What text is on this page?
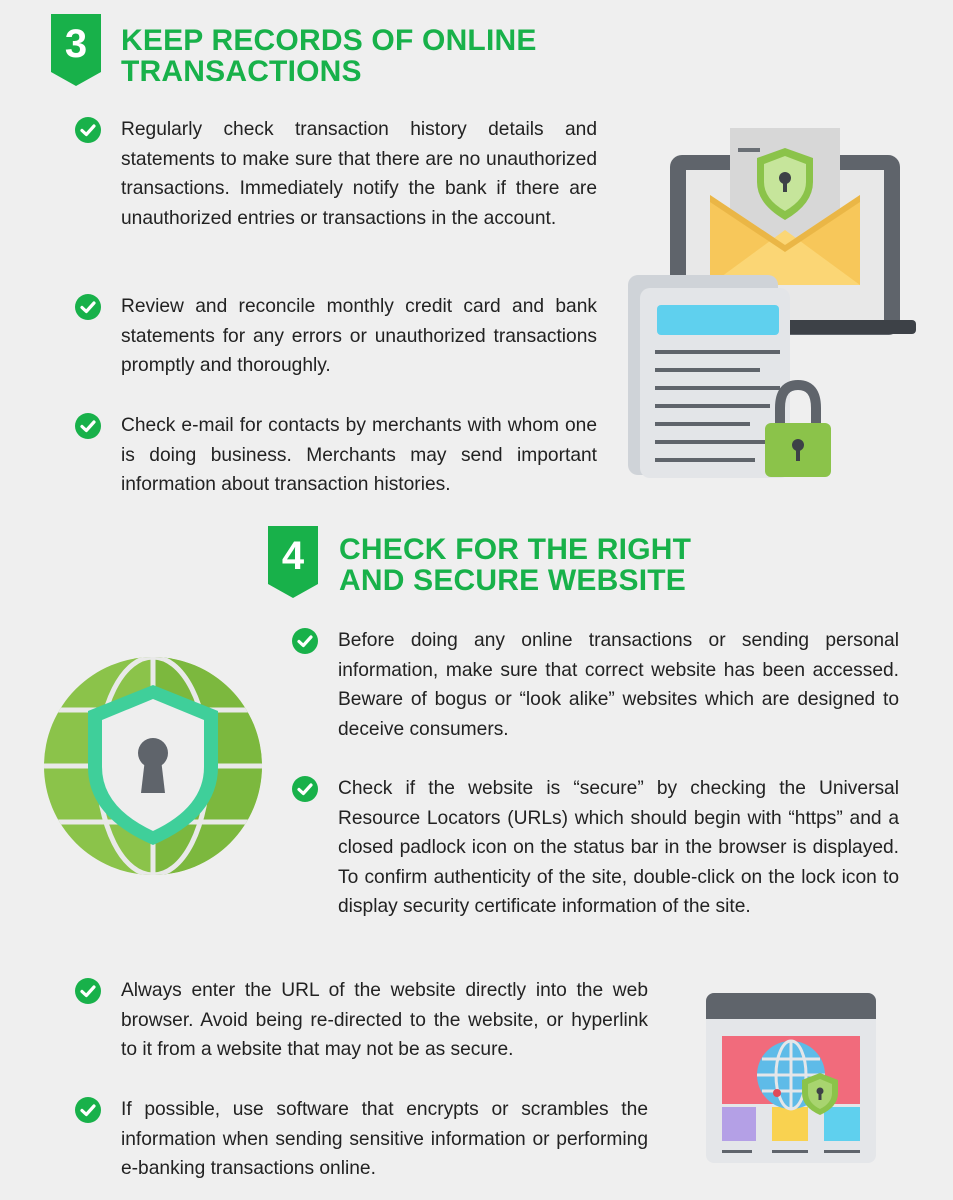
3	KEEP RECORDS OF ONLINE
TRANSACTIONS
Regularly check transaction history details and statements to make sure that there are no unauthorized transactions. Immediately notify the bank if there are unauthorized entries or transactions in the account.
Review and reconcile monthly credit card and bank statements for any errors or unauthorized transactions promptly and thoroughly.
Check e-mail for contacts by merchants with whom one is doing business. Merchants may send important information about transaction histories.
4	CHECK FOR THE RIGHT
AND SECURE WEBSITE
Before doing any online transactions or sending personal information, make sure that correct website has been accessed. Beware of bogus or “look alike” websites which are designed to deceive consumers.
Check if the website is “secure” by checking the Universal Resource Locators (URLs) which should begin with “https” and a closed padlock icon on the status bar in the browser is displayed. To confirm authenticity of the site, double-click on the lock icon to display security certificate information of the site.
Always enter the URL of the website directly into the web browser. Avoid being re-directed to the website, or hyperlink to it from a website that may not be as secure.
If possible, use software that encrypts or scrambles the information when sending sensitive information or performing e-banking transactions online.
